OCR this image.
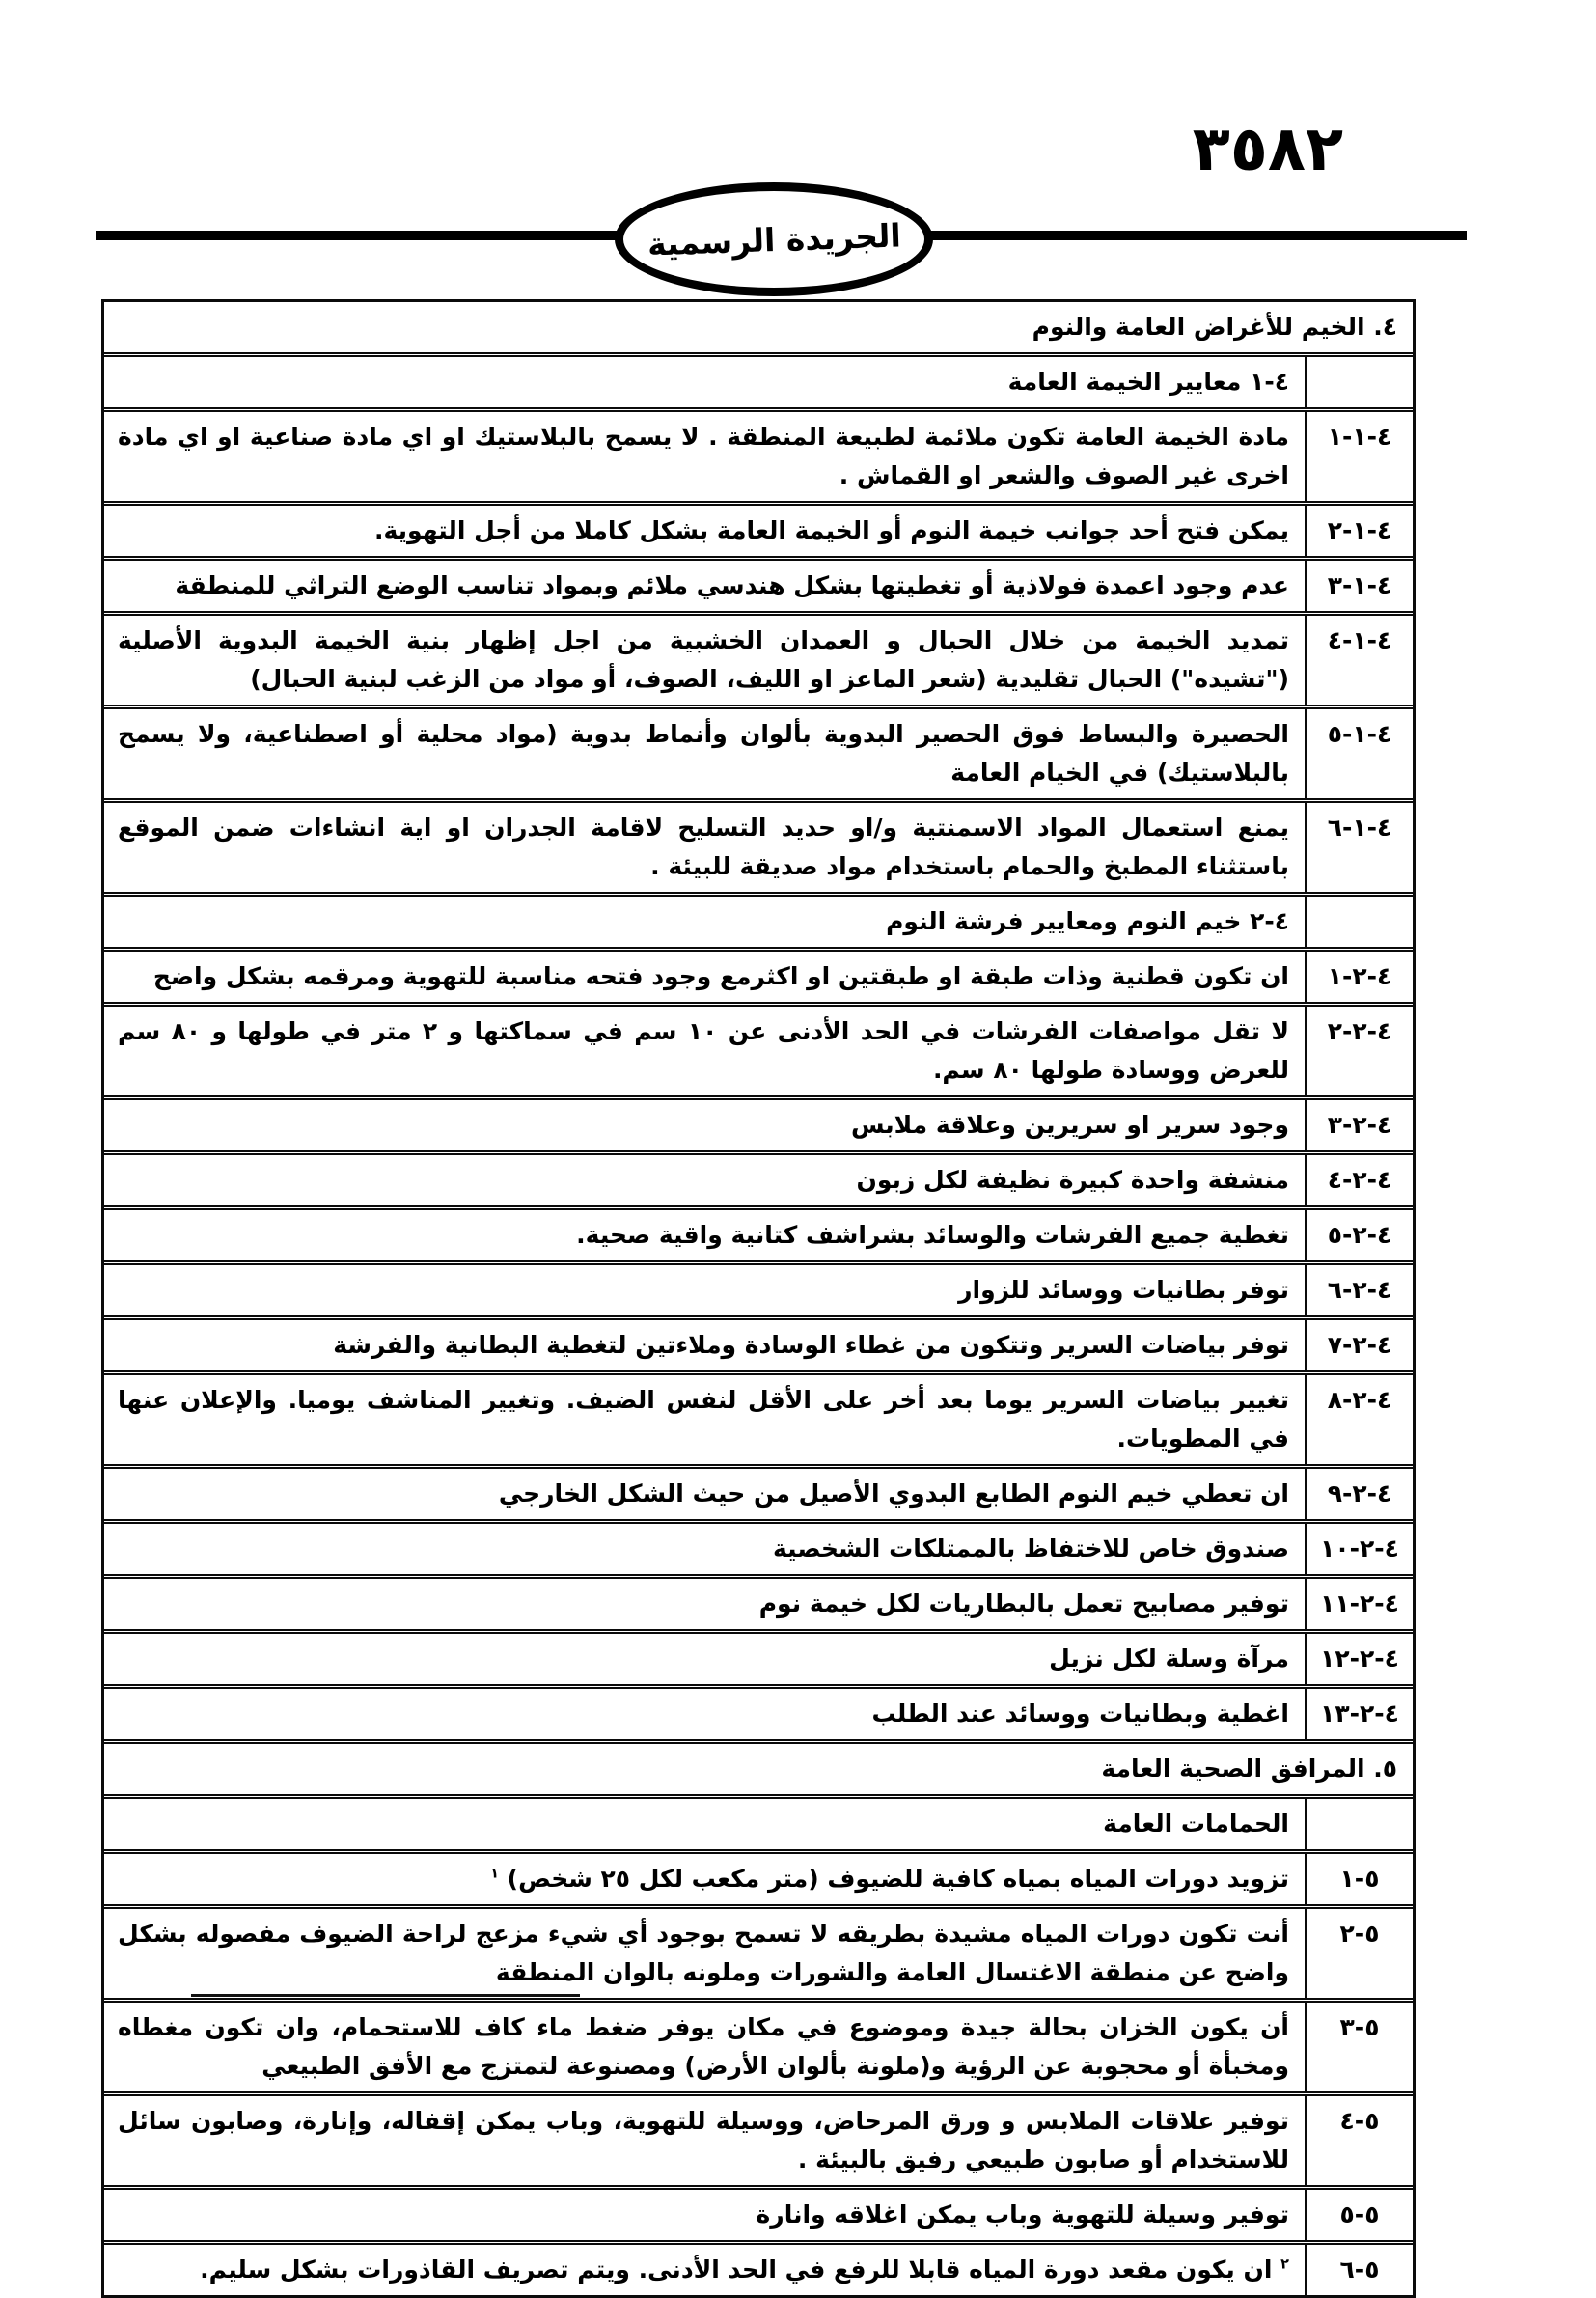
٣٥٨٢
الجريدة الرسمية
٤. الخيم للأغراض العامة والنوم
٤-١ معايير الخيمة العامة
٤-١-١
مادة الخيمة العامة تكون ملائمة لطبيعة المنطقة . لا يسمح بالبلاستيك او اي مادة صناعية او اي مادة اخرى غير الصوف والشعر او القماش .
٤-١-٢
يمكن فتح أحد جوانب خيمة النوم أو الخيمة العامة بشكل كاملا من أجل التهوية.
٤-١-٣
عدم وجود اعمدة فولاذية أو تغطيتها بشكل هندسي ملائم وبمواد تناسب الوضع التراثي للمنطقة
٤-١-٤
تمديد الخيمة من خلال الحبال و العمدان الخشبية من اجل إظهار بنية الخيمة البدوية الأصلية ("تشيده") الحبال تقليدية (شعر الماعز او الليف، الصوف، أو مواد من الزغب لبنية الحبال)
٤-١-٥
الحصيرة والبساط فوق الحصير البدوية بألوان وأنماط بدوية (مواد محلية أو اصطناعية، ولا يسمح بالبلاستيك) في الخيام العامة
٤-١-٦
يمنع استعمال المواد الاسمنتية و/او حديد التسليح لاقامة الجدران او اية انشاءات ضمن الموقع باستثناء المطبخ والحمام باستخدام مواد صديقة للبيئة .
٤-٢ خيم النوم ومعايير فرشة النوم
٤-٢-١
ان تكون قطنية وذات طبقة او طبقتين او اكثرمع وجود فتحه مناسبة للتهوية ومرقمه بشكل واضح
٤-٢-٢
لا تقل مواصفات الفرشات في الحد الأدنى عن ١٠ سم في سماكتها و ٢ متر في طولها و ٨٠ سم للعرض ووسادة طولها ٨٠ سم.
٤-٢-٣
وجود سرير او سريرين وعلاقة ملابس
٤-٢-٤
منشفة واحدة كبيرة نظيفة لكل زبون
٤-٢-٥
تغطية جميع الفرشات والوسائد بشراشف كتانية واقية صحية.
٤-٢-٦
توفر بطانيات ووسائد للزوار
٤-٢-٧
توفر بياضات السرير وتتكون من غطاء الوسادة وملاءتين لتغطية البطانية والفرشة
٤-٢-٨
تغيير بياضات السرير يوما بعد أخر على الأقل لنفس الضيف. وتغيير المناشف يوميا. والإعلان عنها في المطويات.
٤-٢-٩
ان تعطي خيم النوم الطابع البدوي الأصيل من حيث الشكل الخارجي
٤-٢-١٠
صندوق خاص للاختفاظ بالممتلكات الشخصية
٤-٢-١١
توفير مصابيح تعمل بالبطاريات لكل خيمة نوم
٤-٢-١٢
مرآة وسلة لكل نزيل
٤-٢-١٣
اغطية وبطانيات ووسائد عند الطلب
٥. المرافق الصحية العامة
الحمامات العامة
٥-١
تزويد دورات المياه بمياه كافية للضيوف (متر مكعب لكل ٢٥ شخص) $^١$
٥-٢
أنت تكون دورات المياه مشيدة بطريقه لا تسمح بوجود أي شيء مزعج لراحة الضيوف مفصوله بشكل واضح عن منطقة الاغتسال العامة والشورات وملونه بالوان المنطقة
٥-٣
أن يكون الخزان بحالة جيدة وموضوع في مكان يوفر ضغط ماء كاف للاستحمام، وان تكون مغطاه ومخبأة أو محجوبة عن الرؤية و(ملونة بألوان الأرض) ومصنوعة لتمتزج مع الأفق الطبيعي
٥-٤
توفير علاقات الملابس و ورق المرحاض، ووسيلة للتهوية، وباب يمكن إقفاله، وإنارة، وصابون سائل للاستخدام أو صابون طبيعي رفيق بالبيئة .
٥-٥
توفير وسيلة للتهوية وباب يمكن اغلاقه وانارة
٥-٦
$^٢$ ان يكون مقعد دورة المياه قابلا للرفع في الحد الأدنى. ويتم تصريف القاذورات بشكل سليم.
